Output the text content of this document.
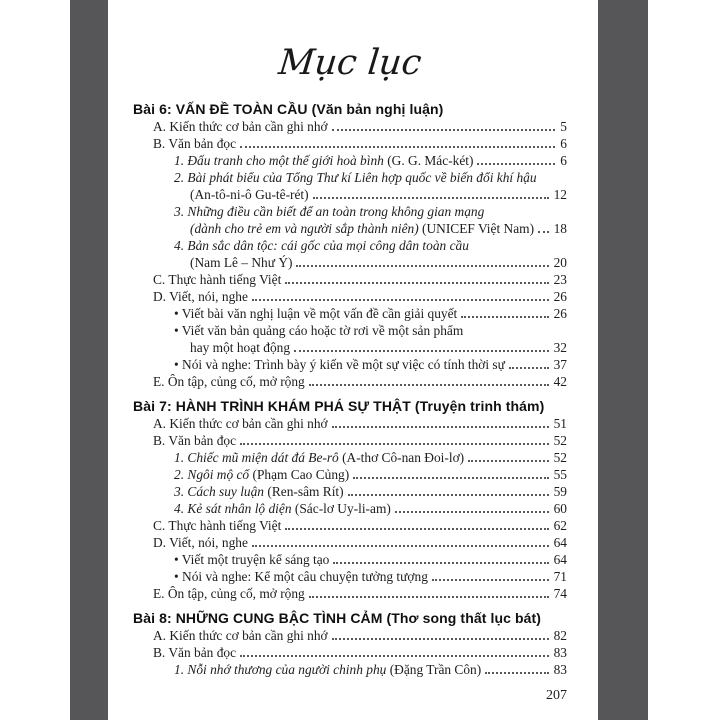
Mục lục
Bài 6: VẤN ĐỀ TOÀN CẦU (Văn bản nghị luận)
A. Kiến thức cơ bản cần ghi nhớ	5
B. Văn bản đọc	6
1. Đấu tranh cho một thế giới hoà bình (G. G. Mác-két)	6
2. Bài phát biểu của Tổng Thư kí Liên hợp quốc về biến đổi khí hậu
(An-tô-ni-ô Gu-tê-rét)	12
3. Những điều cần biết để an toàn trong không gian mạng
(dành cho trẻ em và người sắp thành niên) (UNICEF Việt Nam) 18
4. Bản sắc dân tộc: cái gốc của mọi công dân toàn cầu
(Nam Lê – Như Ý)	20
C. Thực hành tiếng Việt	23
D. Viết, nói, nghe	26
• Viết bài văn nghị luận về một vấn đề cần giải quyết	26
• Viết văn bản quảng cáo hoặc tờ rơi về một sản phẩm
hay một hoạt động	32
• Nói và nghe: Trình bày ý kiến về một sự việc có tính thời sự	37
E. Ôn tập, củng cố, mở rộng	42
Bài 7: HÀNH TRÌNH KHÁM PHÁ SỰ THẬT (Truyện trinh thám)
A. Kiến thức cơ bản cần ghi nhớ	51
B. Văn bản đọc	52
1. Chiếc mũ miện dát đá Be-rô (A-thơ Cô-nan Đoi-lơ)	52
2. Ngôi mộ cổ (Phạm Cao Củng)	55
3. Cách suy luận (Ren-sâm Rít)	59
4. Kẻ sát nhân lộ diện (Sác-lơ Uy-li-am)	60
C. Thực hành tiếng Việt	62
D. Viết, nói, nghe	64
• Viết một truyện kể sáng tạo	64
• Nói và nghe: Kể một câu chuyện tưởng tượng	71
E. Ôn tập, củng cố, mở rộng	74
Bài 8: NHỮNG CUNG BẬC TÌNH CẢM (Thơ song thất lục bát)
A. Kiến thức cơ bản cần ghi nhớ	82
B. Văn bản đọc	83
1. Nỗi nhớ thương của người chinh phụ (Đặng Trần Côn)	83
207
